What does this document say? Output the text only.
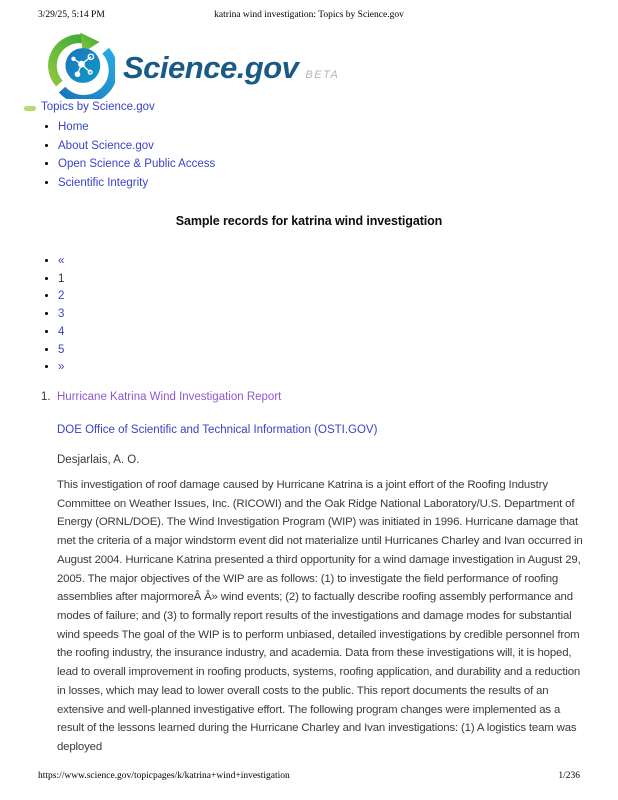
3/29/25, 5:14 PM	katrina wind investigation: Topics by Science.gov
Science.gov BETA
Topics by Science.gov
• Home
• About Science.gov
• Open Science & Public Access
• Scientific Integrity
Sample records for katrina wind investigation
• «
• 1
• 2
• 3
• 4
• 5
• »
1. Hurricane Katrina Wind Investigation Report
DOE Office of Scientific and Technical Information (OSTI.GOV)
Desjarlais, A. O.
This investigation of roof damage caused by Hurricane Katrina is a joint effort of the Roofing Industry Committee on Weather Issues, Inc. (RICOWI) and the Oak Ridge National Laboratory/U.S. Department of Energy (ORNL/DOE). The Wind Investigation Program (WIP) was initiated in 1996. Hurricane damage that met the criteria of a major windstorm event did not materialize until Hurricanes Charley and Ivan occurred in August 2004. Hurricane Katrina presented a third opportunity for a wind damage investigation in August 29, 2005. The major objectives of the WIP are as follows: (1) to investigate the field performance of roofing assemblies after majormoreÂ Â» wind events; (2) to factually describe roofing assembly performance and modes of failure; and (3) to formally report results of the investigations and damage modes for substantial wind speeds The goal of the WIP is to perform unbiased, detailed investigations by credible personnel from the roofing industry, the insurance industry, and academia. Data from these investigations will, it is hoped, lead to overall improvement in roofing products, systems, roofing application, and durability and a reduction in losses, which may lead to lower overall costs to the public. This report documents the results of an extensive and well-planned investigative effort. The following program changes were implemented as a result of the lessons learned during the Hurricane Charley and Ivan investigations: (1) A logistics team was deployed
https://www.science.gov/topicpages/k/katrina+wind+investigation	1/236
